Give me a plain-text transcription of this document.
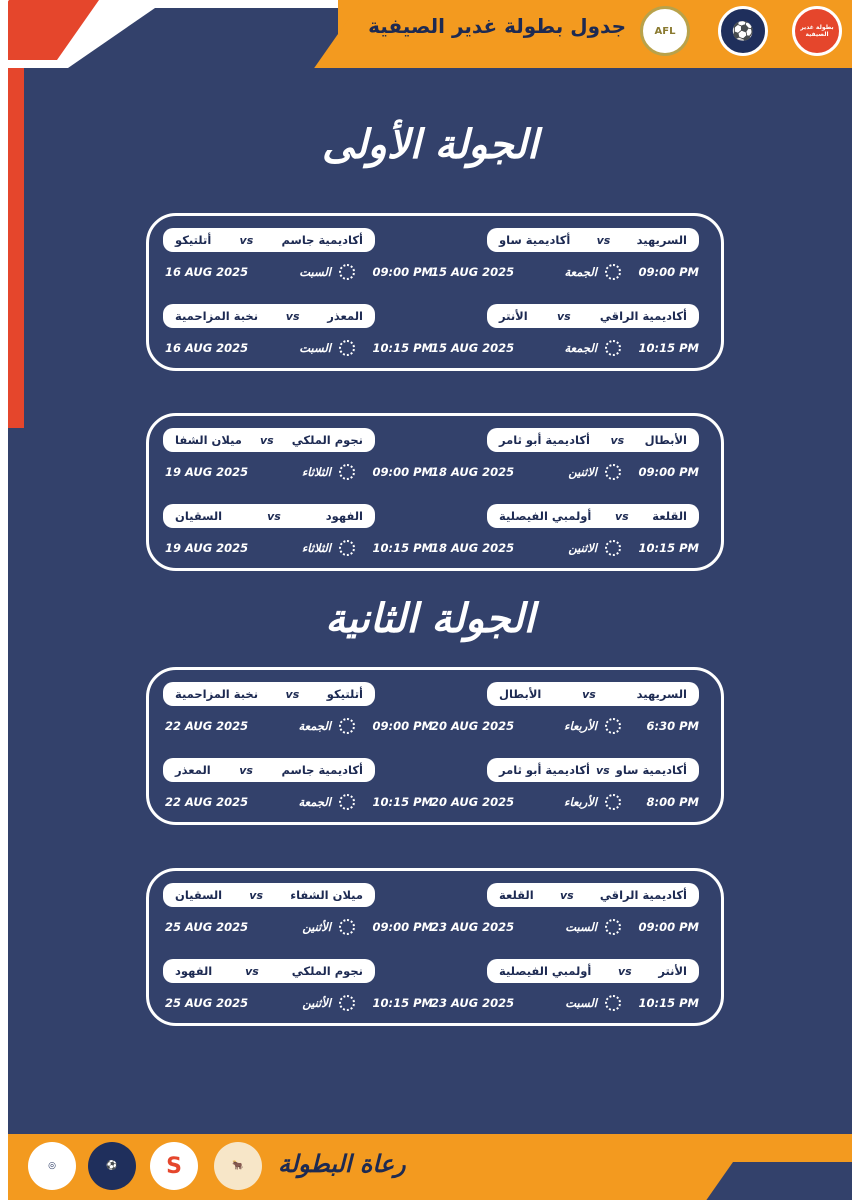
جدول بطولة غدير الصيفية	AFL	⚽	بطولة غدير الصيفية
الجولة الأولى
الجولة الثانية
السريهيد
vs
أكاديمية ساو
09:00 PM
الجمعة
15 AUG 2025
أكاديمية الراقي
vs
الأنتر
10:15 PM
الجمعة
15 AUG 2025
أكاديمية جاسم
vs
أتلتيكو
09:00 PM
السبت
16 AUG 2025
المعذر
vs
نخبة المزاحمية
10:15 PM
السبت
16 AUG 2025
الأبطال
vs
أكاديمية أبو ثامر
09:00 PM
الاثنين
18 AUG 2025
القلعة
vs
أولمبي الفيصلية
10:15 PM
الاثنين
18 AUG 2025
نجوم الملكي
vs
ميلان الشفا
09:00 PM
الثلاثاء
19 AUG 2025
الفهود
vs
السقيان
10:15 PM
الثلاثاء
19 AUG 2025
السريهيد
vs
الأبطال
6:30 PM
الأربعاء
20 AUG 2025
أكاديمية ساو
vs
أكاديمية أبو ثامر
8:00 PM
الأربعاء
20 AUG 2025
أتلتيكو
vs
نخبة المزاحمية
09:00 PM
الجمعة
22 AUG 2025
أكاديمية جاسم
vs
المعذر
10:15 PM
الجمعة
22 AUG 2025
أكاديمية الراقي
vs
القلعة
09:00 PM
السبت
23 AUG 2025
الأنتر
vs
أولمبي الفيصلية
10:15 PM
السبت
23 AUG 2025
ميلان الشفاء
vs
السقيان
09:00 PM
الأثنين
25 AUG 2025
نجوم الملكي
vs
الفهود
10:15 PM
الأثنين
25 AUG 2025
رعاة البطولة
🐂
S
⚽
◎
